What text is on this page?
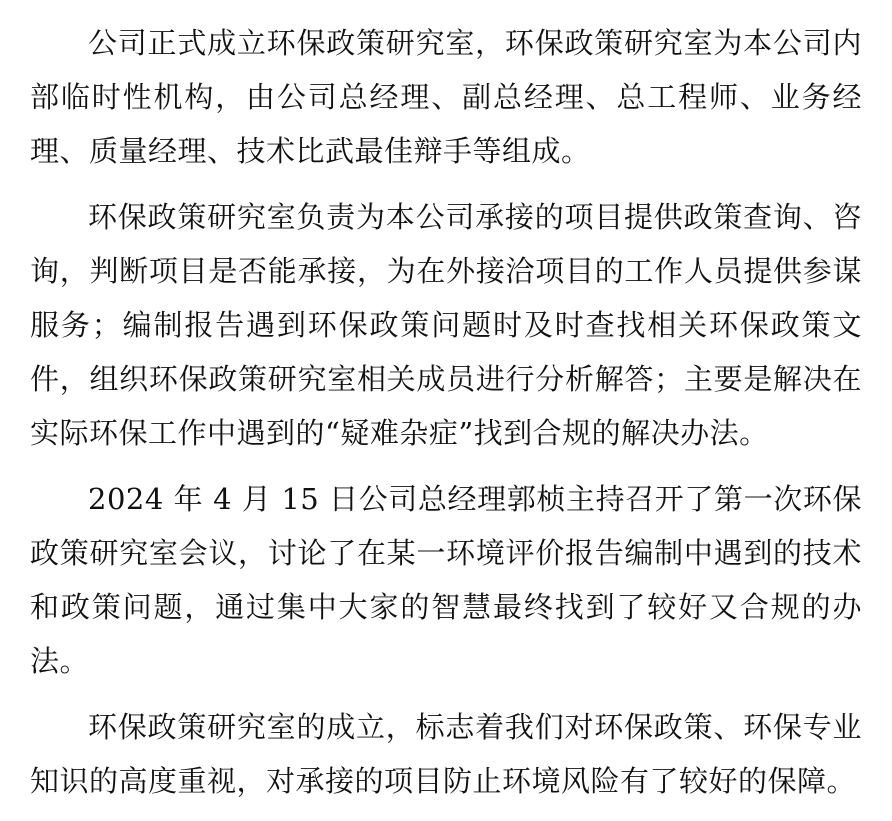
公司正式成立环保政策研究室，环保政策研究室为本公司内部临时性机构，由公司总经理、副总经理、总工程师、业务经理、质量经理、技术比武最佳辩手等组成。

环保政策研究室负责为本公司承接的项目提供政策查询、咨询，判断项目是否能承接，为在外接洽项目的工作人员提供参谋服务；编制报告遇到环保政策问题时及时查找相关环保政策文件，组织环保政策研究室相关成员进行分析解答；主要是解决在实际环保工作中遇到的“疑难杂症”找到合规的解决办法。

2024 年 4 月 15 日公司总经理郭桢主持召开了第一次环保政策研究室会议，讨论了在某一环境评价报告编制中遇到的技术和政策问题，通过集中大家的智慧最终找到了较好又合规的办法。

环保政策研究室的成立，标志着我们对环保政策、环保专业知识的高度重视，对承接的项目防止环境风险有了较好的保障。
